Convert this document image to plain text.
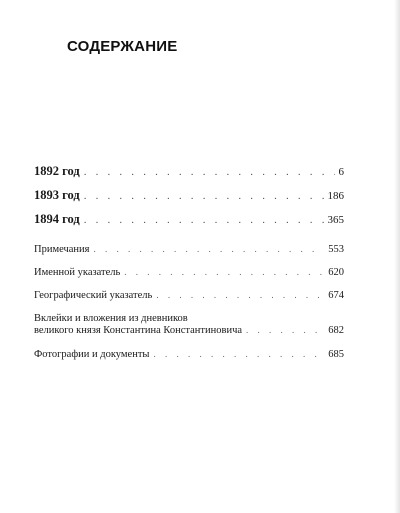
СОДЕРЖАНИЕ
1892 год . . .	6
1893 год . . .	186
1894 год . . .	365
Примечания . . .	553
Именной указатель . . .	620
Географический указатель . . .	674
Вклейки и вложения из дневников
великого князя Константина Константиновича . . .	682
Фотографии и документы . . .	685
